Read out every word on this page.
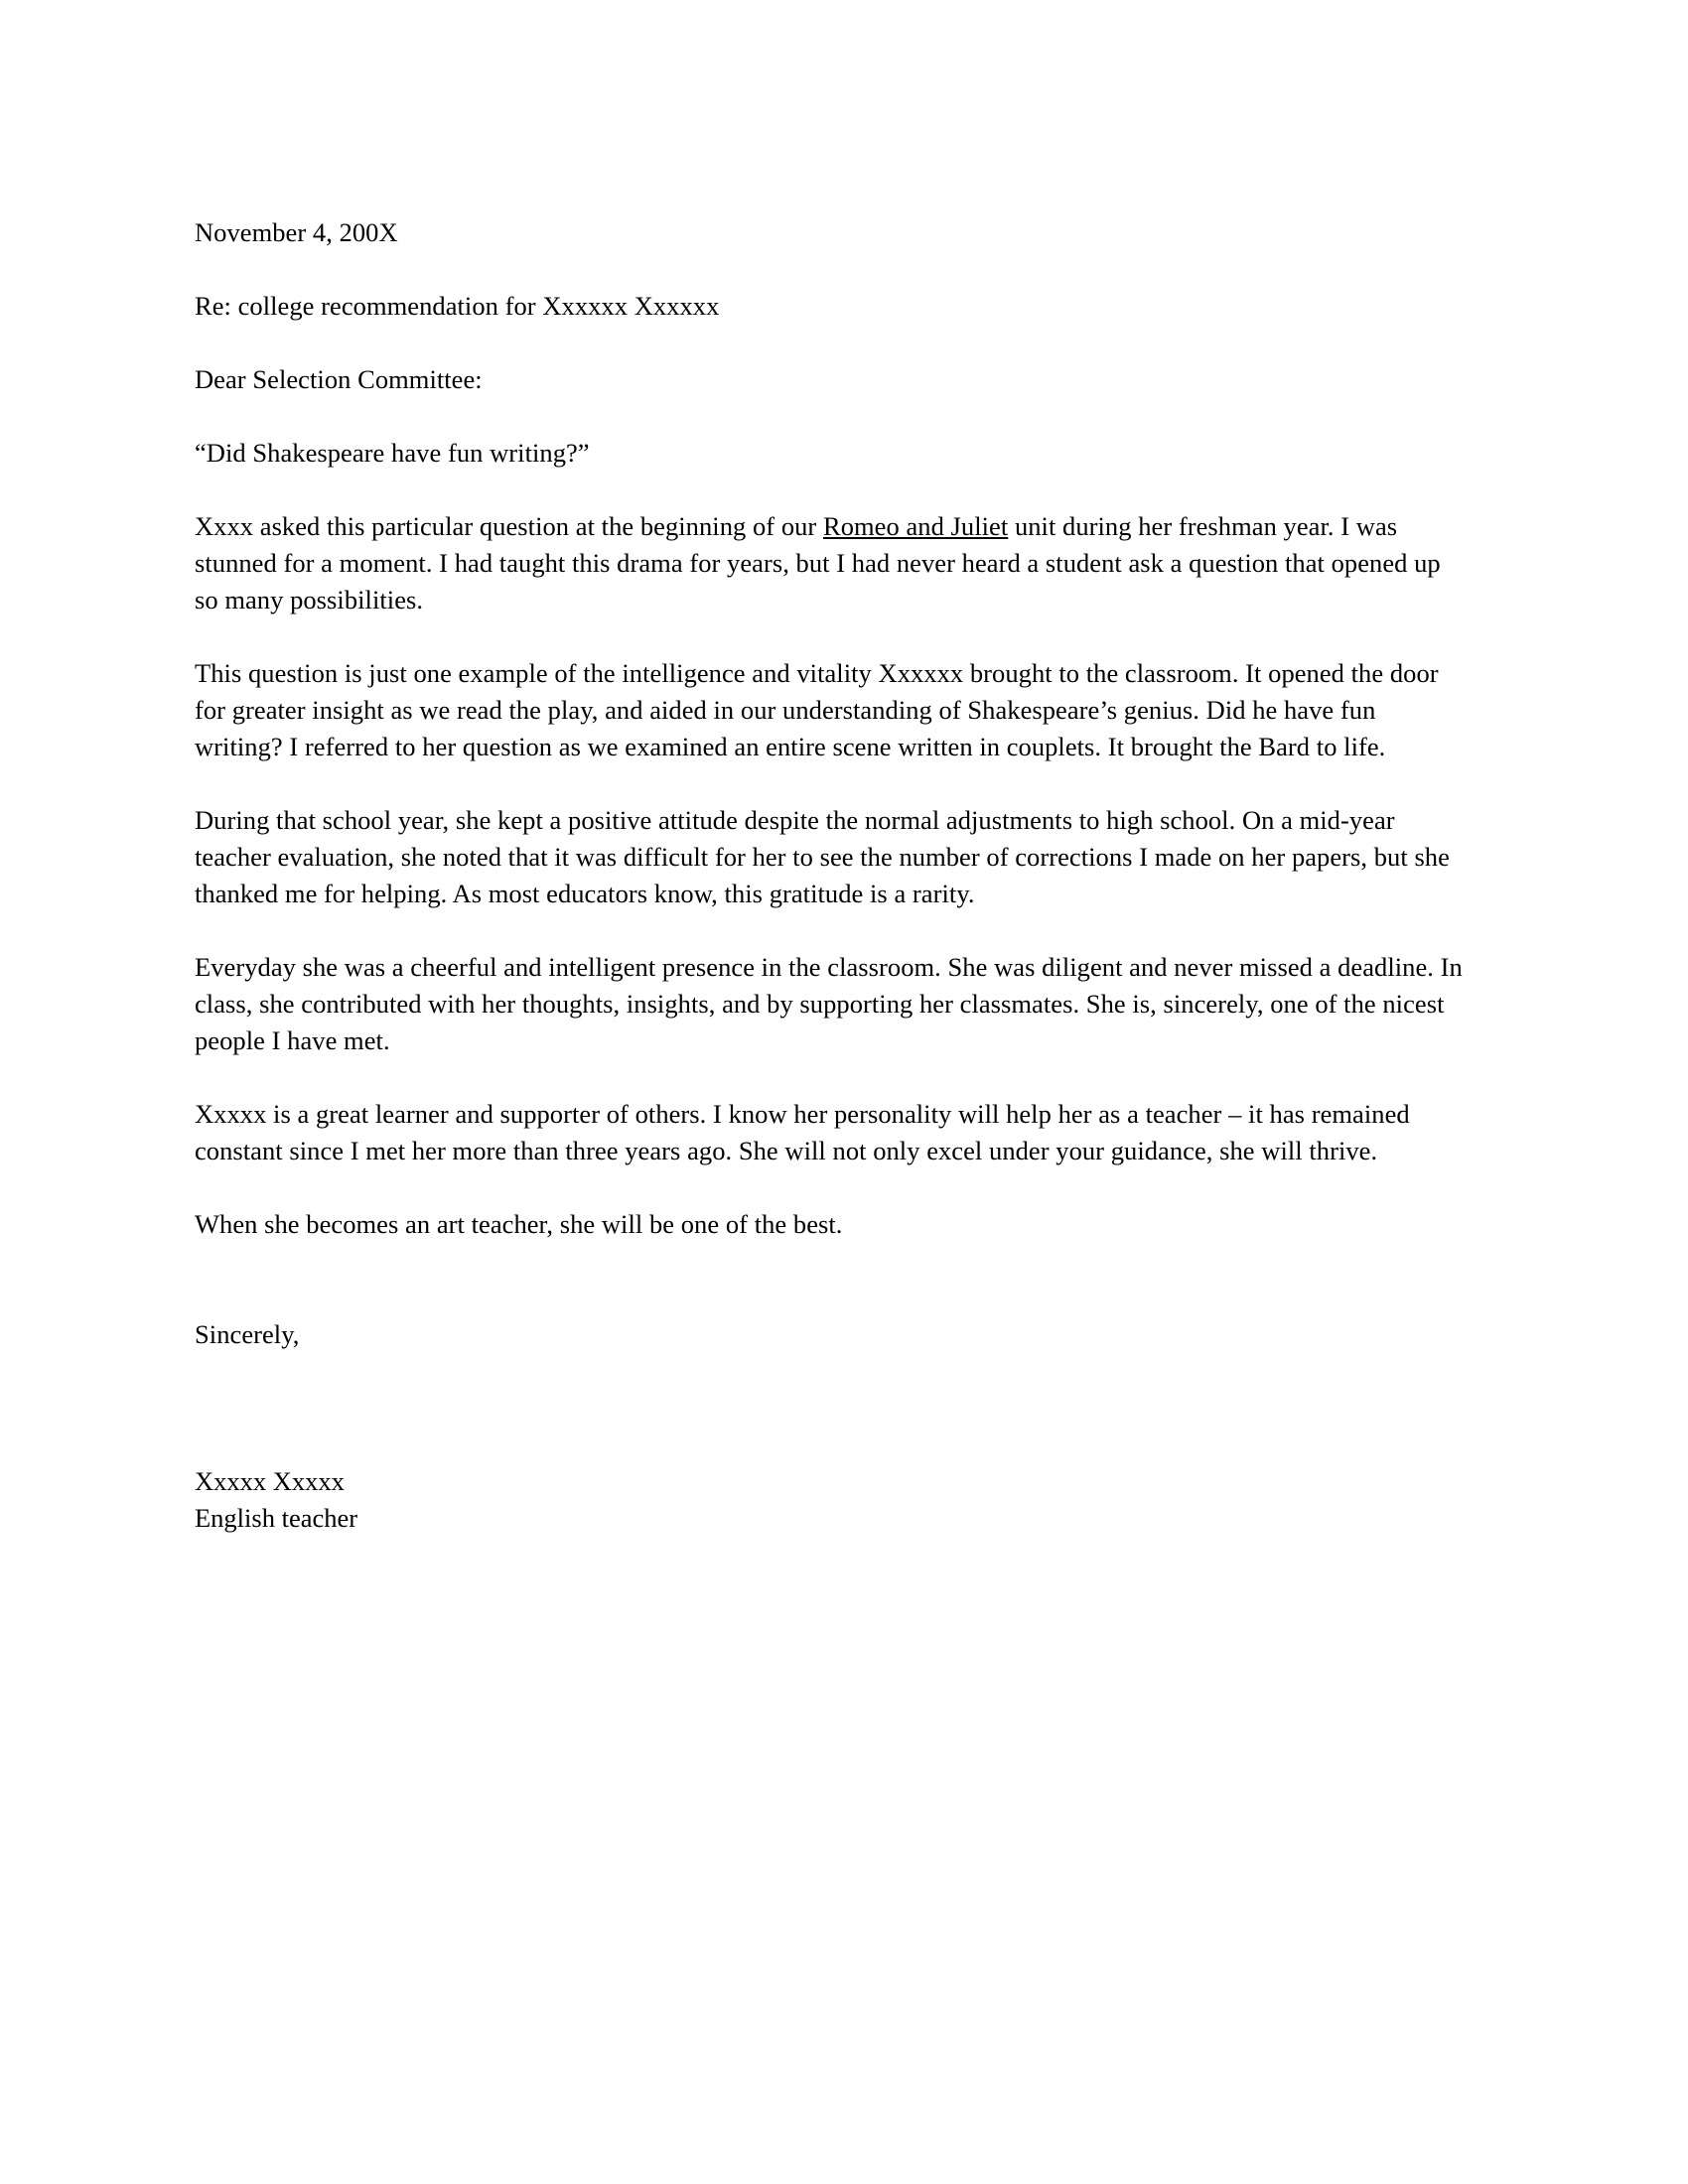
November 4, 200X

Re: college recommendation for Xxxxxx Xxxxxx

Dear Selection Committee:

“Did Shakespeare have fun writing?”

Xxxx asked this particular question at the beginning of our Romeo and Juliet unit during her freshman year. I was stunned for a moment. I had taught this drama for years, but I had never heard a student ask a question that opened up so many possibilities.

This question is just one example of the intelligence and vitality Xxxxxx brought to the classroom. It opened the door for greater insight as we read the play, and aided in our understanding of Shakespeare’s genius. Did he have fun writing? I referred to her question as we examined an entire scene written in couplets. It brought the Bard to life.

During that school year, she kept a positive attitude despite the normal adjustments to high school. On a mid-year teacher evaluation, she noted that it was difficult for her to see the number of corrections I made on her papers, but she thanked me for helping. As most educators know, this gratitude is a rarity.

Everyday she was a cheerful and intelligent presence in the classroom. She was diligent and never missed a deadline. In class, she contributed with her thoughts, insights, and by supporting her classmates. She is, sincerely, one of the nicest people I have met.

Xxxxx is a great learner and supporter of others. I know her personality will help her as a teacher – it has remained constant since I met her more than three years ago. She will not only excel under your guidance, she will thrive.

When she becomes an art teacher, she will be one of the best.

Sincerely,

Xxxxx Xxxxx

English teacher
